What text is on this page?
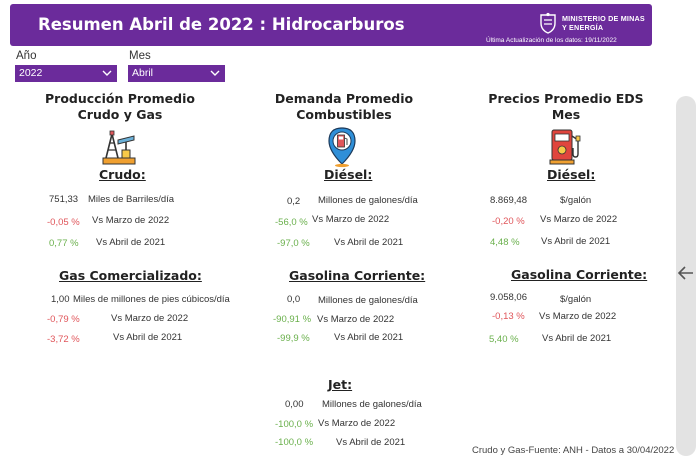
Resumen Abril de 2022 : Hidrocarburos	MINISTERIO DE MINAS
Y ENERGÍA
Última Actualización de los datos: 19/11/2022
Año
2022
Mes
Abril
Producción Promedio
Crudo y Gas
Crudo:
751,33 Miles de Barriles/día
-0,05 % Vs Marzo de 2022
0,77 % Vs Abril de 2021
Gas Comercializado:
1,00 Miles de millones de pies cúbicos/día
-0,79 %	Vs Marzo de 2022
-3,72 %	Vs Abril de 2021
Demanda Promedio
Combustibles
Diésel:
0,2 Millones de galones/día
-56,0 % Vs Marzo de 2022
-97,0 %	Vs Abril de 2021
Gasolina Corriente:
0,0 Millones de galones/día
-90,91 % Vs Marzo de 2022
-99,9 %	Vs Abril de 2021
Jet:
0,00 Millones de galones/día
-100,0 % Vs Marzo de 2022
-100,0 % Vs Abril de 2021
Precios Promedio EDS
Mes
Diésel:
8.869,48	$/galón
-0,20 % Vs Marzo de 2022
4,48 % Vs Abril de 2021
Gasolina Corriente:
9.058,06	$/galón
-0,13 % Vs Marzo de 2022
5,40 % Vs Abril de 2021
Crudo y Gas-Fuente: ANH - Datos a 30/04/2022
